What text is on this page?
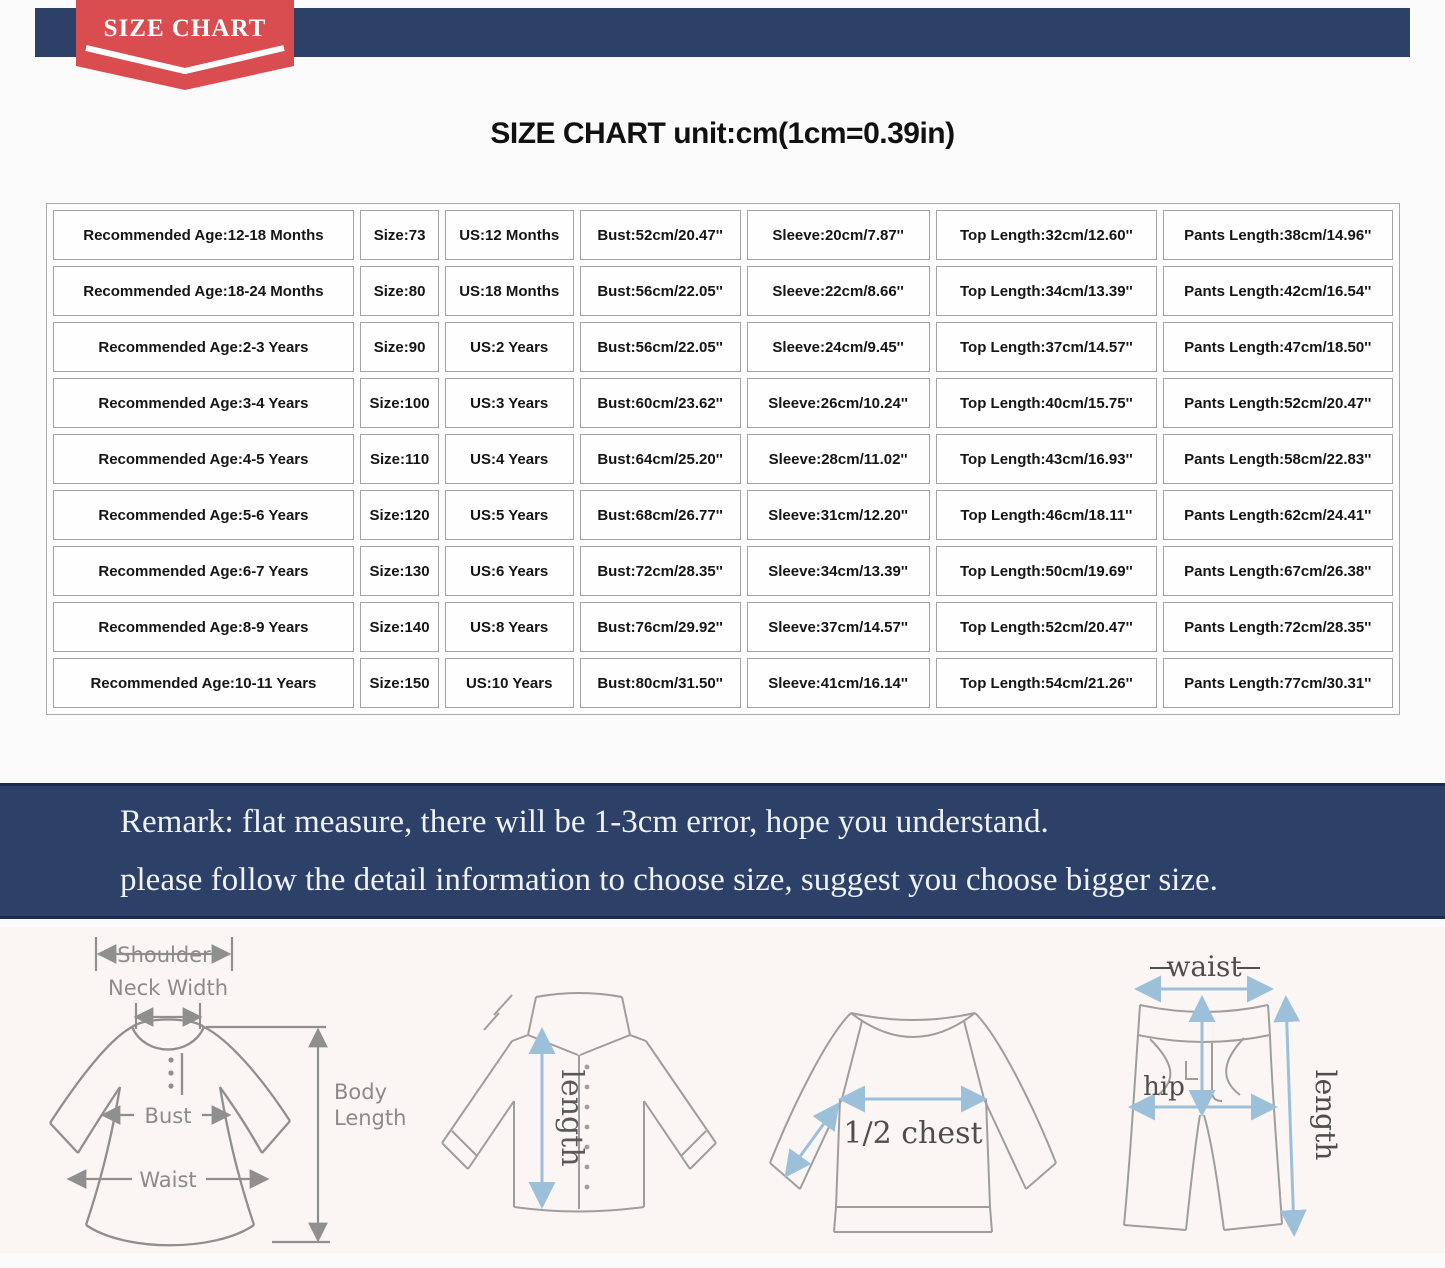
SIZE CHART
SIZE CHART unit:cm(1cm=0.39in)
Recommended Age:12-18 Months	Size:73	US:12 Months	Bust:52cm/20.47''	Sleeve:20cm/7.87''	Top Length:32cm/12.60''	Pants Length:38cm/14.96''
Recommended Age:18-24 Months	Size:80	US:18 Months	Bust:56cm/22.05''	Sleeve:22cm/8.66''	Top Length:34cm/13.39''	Pants Length:42cm/16.54''
Recommended Age:2-3 Years	Size:90	US:2 Years	Bust:56cm/22.05''	Sleeve:24cm/9.45''	Top Length:37cm/14.57''	Pants Length:47cm/18.50''
Recommended Age:3-4 Years	Size:100	US:3 Years	Bust:60cm/23.62''	Sleeve:26cm/10.24''	Top Length:40cm/15.75''	Pants Length:52cm/20.47''
Recommended Age:4-5 Years	Size:110	US:4 Years	Bust:64cm/25.20''	Sleeve:28cm/11.02''	Top Length:43cm/16.93''	Pants Length:58cm/22.83''
Recommended Age:5-6 Years	Size:120	US:5 Years	Bust:68cm/26.77''	Sleeve:31cm/12.20''	Top Length:46cm/18.11''	Pants Length:62cm/24.41''
Recommended Age:6-7 Years	Size:130	US:6 Years	Bust:72cm/28.35''	Sleeve:34cm/13.39''	Top Length:50cm/19.69''	Pants Length:67cm/26.38''
Recommended Age:8-9 Years	Size:140	US:8 Years	Bust:76cm/29.92''	Sleeve:37cm/14.57''	Top Length:52cm/20.47''	Pants Length:72cm/28.35''
Recommended Age:10-11 Years	Size:150	US:10 Years	Bust:80cm/31.50''	Sleeve:41cm/16.14''	Top Length:54cm/21.26''	Pants Length:77cm/30.31''
Remark: flat measure, there will be 1-3cm error, hope you understand.
please follow the detail information to choose size, suggest you choose bigger size.
Shoulder
Neck Width
Bust
Waist
Body
Length	length	1/2 chest
waist
hip	length
